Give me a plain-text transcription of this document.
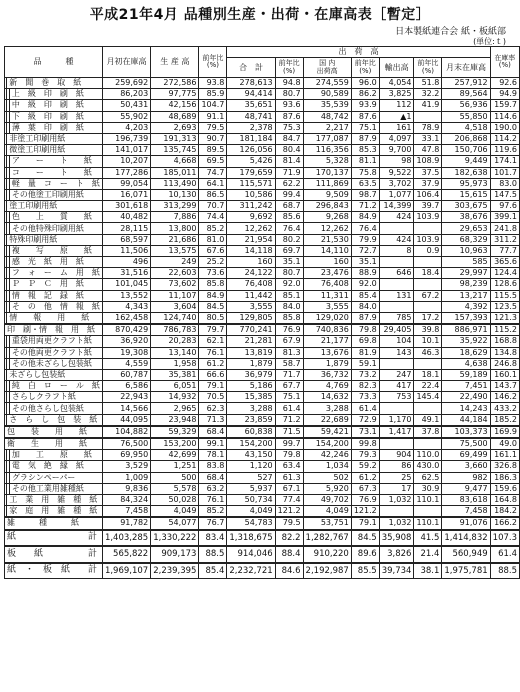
平成21年4月 品種別生産・出荷・在庫高表［暫定］
日本製紙連合会 紙・板紙部
(単位:ｔ)
品　　　種			月初在庫高	生 産 高	前年比
(%)	出　荷　高							在庫率
(%)
						合　計	前年比
(%)	国 内
出荷高	前年比
(%)	輸出高	前年比
(%)	月末在庫高	

	新　聞　巻　取　紙		259,692	272,586	93.8	278,613	94.8	274,559	96.0	4,054	51.8	257,912	92.6
		上　級　印　刷　紙	86,203	97,775	85.9	94,414	80.7	90,589	86.2	3,825	32.2	89,564	94.9
		中　級　印　刷　紙	50,431	42,156	104.7	35,651	93.6	35,539	93.9	112	41.9	56,936	159.7
		下　級　印　刷　紙	55,902	48,689	91.1	48,741	87.6	48,742	87.6	▲1		55,850	114.6
		薄　葉　印　刷　紙	4,203	2,693	79.5	2,378	75.3	2,217	75.1	161	78.9	4,518	190.0
	非塗工印刷用紙		196,739	191,313	90.7	181,184	84.7	177,087	87.9	4,097	33.1	206,868	114.2
	微塗工印刷用紙		141,017	135,745	89.5	126,056	80.4	116,356	85.3	9,700	47.8	150,706	119.6
		ア　　ー　　ト　　紙	10,207	4,668	69.5	5,426	81.4	5,328	81.1	98	108.9	9,449	174.1
		コ　　ー　　ト　　紙	177,286	185,011	74.7	179,659	71.9	170,137	75.8	9,522	37.5	182,638	101.7
		軽　量　コ　ー　ト　紙	99,054	113,490	64.1	115,571	62.2	111,869	63.5	3,702	37.9	95,973	83.0
		その他塗工印刷用紙	16,071	10,130	86.5	10,586	99.4	9,509	98.7	1,077	106.4	15,615	147.5
	塗工印刷用紙		301,618	313,299	70.7	311,242	68.7	296,843	71.2	14,399	39.7	303,675	97.6
		色　　上　　質　　紙	40,482	7,886	74.4	9,692	85.6	9,268	84.9	424	103.9	38,676	399.1
		その他特殊印刷用紙	28,115	13,800	85.2	12,262	76.4	12,262	76.4			29,653	241.8
	特殊印刷用紙		68,597	21,686	81.0	21,954	80.2	21,530	79.9	424	103.9	68,329	311.2
		複　　写　　原　　紙	11,506	13,575	67.6	14,118	69.7	14,110	72.7	8	0.9	10,963	77.7
		感　光　紙　用　紙	496	249	25.2	160	35.1	160	35.1			585	365.6
		フ　ォ　ー　ム　用　紙	31,516	22,603	73.6	24,122	80.7	23,476	88.9	646	18.4	29,997	124.4
		Ｐ　Ｐ　Ｃ　用　紙	101,045	73,602	85.8	76,408	92.0	76,408	92.0			98,239	128.6
		情　報　記　録　紙	13,552	11,107	84.9	11,442	85.1	11,311	85.4	131	67.2	13,217	115.5
		そ　の　他　情　報　紙	4,343	3,604	84.5	3,555	84.0	3,555	84.0			4,392	123.5
	情　　報　　用　　紙		162,458	124,740	80.5	129,805	85.8	129,020	87.9	785	17.2	157,393	121.3
印　刷・情　報　用　紙			870,429	786,783	79.7	770,241	76.9	740,836	79.8	29,405	39.8	886,971	115.2
		重袋用両更クラフト紙	36,920	20,283	62.1	21,281	67.9	21,177	69.8	104	10.1	35,922	168.8
		その他両更クラフト紙	19,308	13,140	76.1	13,819	81.3	13,676	81.9	143	46.3	18,629	134.8
		その他未ざらし包装紙	4,559	1,958	61.2	1,879	58.7	1,879	59.1			4,638	246.8
	未ざらし包装紙		60,787	35,381	66.6	36,979	71.7	36,732	73.2	247	18.1	59,189	160.1
		純　白　ロ　ー　ル　紙	6,586	6,051	79.1	5,186	67.7	4,769	82.3	417	22.4	7,451	143.7
		さらしクラフト紙	22,943	14,932	70.5	15,385	75.1	14,632	73.3	753	145.4	22,490	146.2
		その他さらし包装紙	14,566	2,965	62.3	3,288	61.4	3,288	61.4			14,243	433.2
	さ　ら　し　包　装　紙		44,095	23,948	71.3	23,859	71.2	22,689	72.9	1,170	49.1	44,184	185.2
包　　装　　用　　紙			104,882	59,329	68.4	60,838	71.5	59,421	73.1	1,417	37.8	103,373	169.9
衛　　生　　用　　紙			76,500	153,200	99.1	154,200	99.7	154,200	99.8			75,500	49.0
		加　　工　　原　　紙	69,950	42,699	78.1	43,150	79.8	42,246	79.3	904	110.0	69,499	161.1
		電　気　絶　縁　紙	3,529	1,251	83.8	1,120	63.4	1,034	59.2	86	430.0	3,660	326.8
		グラシンペーパー	1,009	500	68.4	527	61.3	502	61.2	25	62.5	982	186.3
		その他工業用雑種紙	9,836	5,578	63.2	5,937	67.1	5,920	67.3	17	30.9	9,477	159.6
	工　業　用　雑　種　紙		84,324	50,028	76.1	50,734	77.4	49,702	76.9	1,032	110.1	83,618	164.8
	家　庭　用　雑　種　紙		7,458	4,049	85.2	4,049	121.2	4,049	121.2			7,458	184.2
雑　　　種　　　紙			91,782	54,077	76.7	54,783	79.5	53,751	79.1	1,032	110.1	91,076	166.2
紙　　　　　　　　計			1,403,285	1,330,222	83.4	1,318,675	82.2	1,282,767	84.5	35,908	41.5	1,414,832	107.3
板　　紙　　　　　計			565,822	909,173	88.5	914,046	88.4	910,220	89.6	3,826	21.4	560,949	61.4
紙　・　板　紙　　計			1,969,107	2,239,395	85.4	2,232,721	84.6	2,192,987	85.5	39,734	38.1	1,975,781	88.5
